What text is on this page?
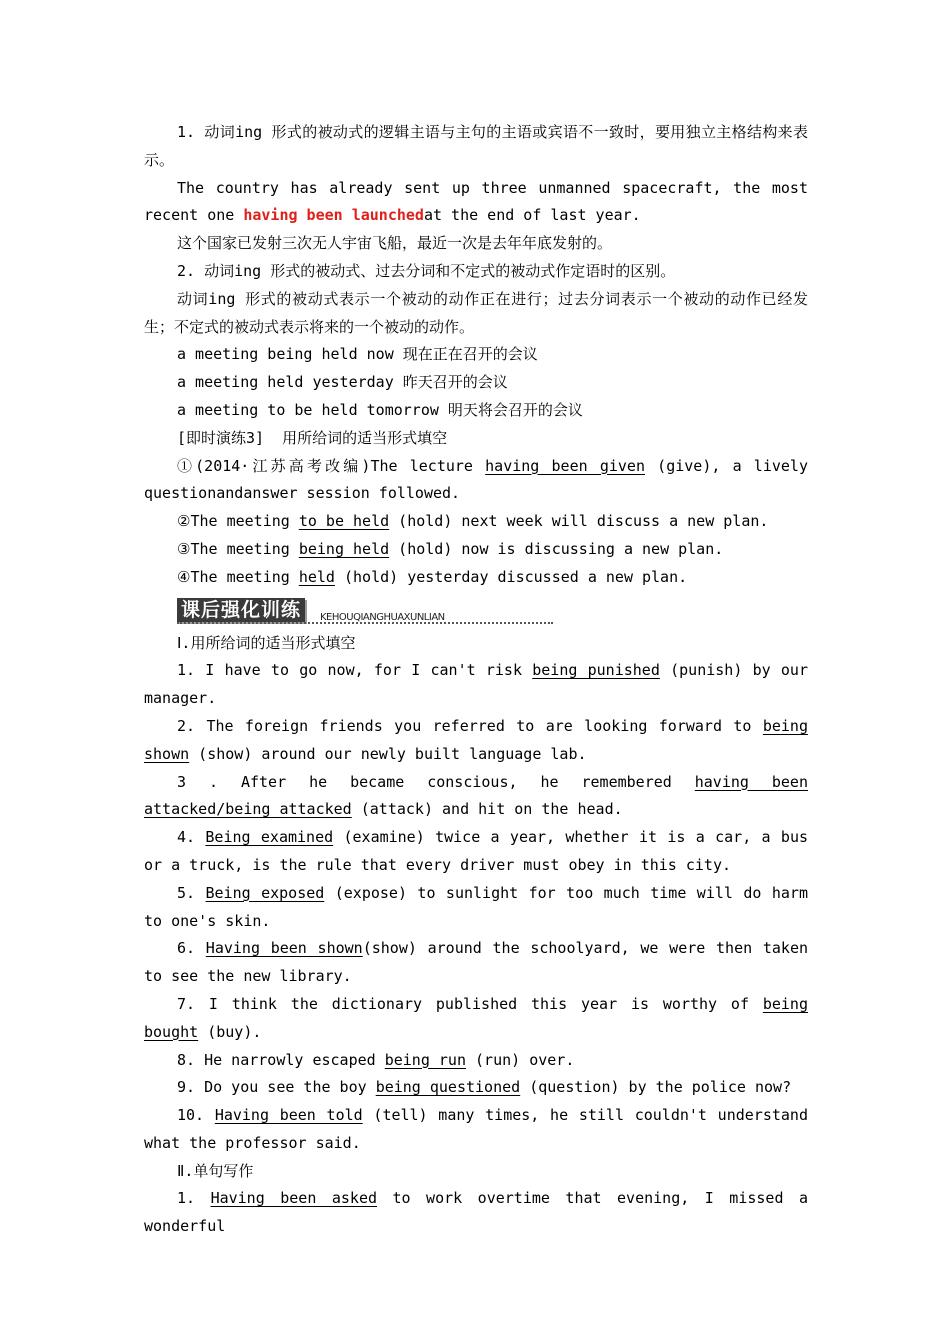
1. 动词ing 形式的被动式的逻辑主语与主句的主语或宾语不一致时，要用独立主格结构来表示。

The country has already sent up three unmanned spacecraft, the most recent one having been launchedat the end of last year.

这个国家已发射三次无人宇宙飞船，最近一次是去年年底发射的。

2. 动词ing 形式的被动式、过去分词和不定式的被动式作定语时的区别。

动词ing 形式的被动式表示一个被动的动作正在进行；过去分词表示一个被动的动作已经发生；不定式的被动式表示将来的一个被动的动作。

a meeting being held now 现在正在召开的会议

a meeting held yesterday 昨天召开的会议

a meeting to be held tomorrow 明天将会召开的会议

[即时演练3] 用所给词的适当形式填空

①(2014·江苏高考改编)The lecture having been given (give), a lively questionandanswer session followed.

②The meeting to be held (hold) next week will discuss a new plan.

③The meeting being held (hold) now is discussing a new plan.

④The meeting held (hold) yesterday discussed a new plan.

课后强化训练	KEHOUQIANGHUAXUNLIAN

Ⅰ.用所给词的适当形式填空

1. I have to go now, for I can't risk being punished (punish) by our manager.

2. The foreign friends you referred to are looking forward to being shown (show) around our newly built language lab.

3 . After he became conscious, he remembered having been attacked/being attacked (attack) and hit on the head.

4. Being examined (examine) twice a year, whether it is a car, a bus or a truck, is the rule that every driver must obey in this city.

5. Being exposed (expose) to sunlight for too much time will do harm to one's skin.

6. Having been shown(show) around the schoolyard, we were then taken to see the new library.

7. I think the dictionary published this year is worthy of being bought (buy).

8. He narrowly escaped being run (run) over.

9. Do you see the boy being questioned (question) by the police now?

10. Having been told (tell) many times, he still couldn't understand what the professor said.

Ⅱ.单句写作

1. Having been asked to work overtime that evening, I missed a wonderful
